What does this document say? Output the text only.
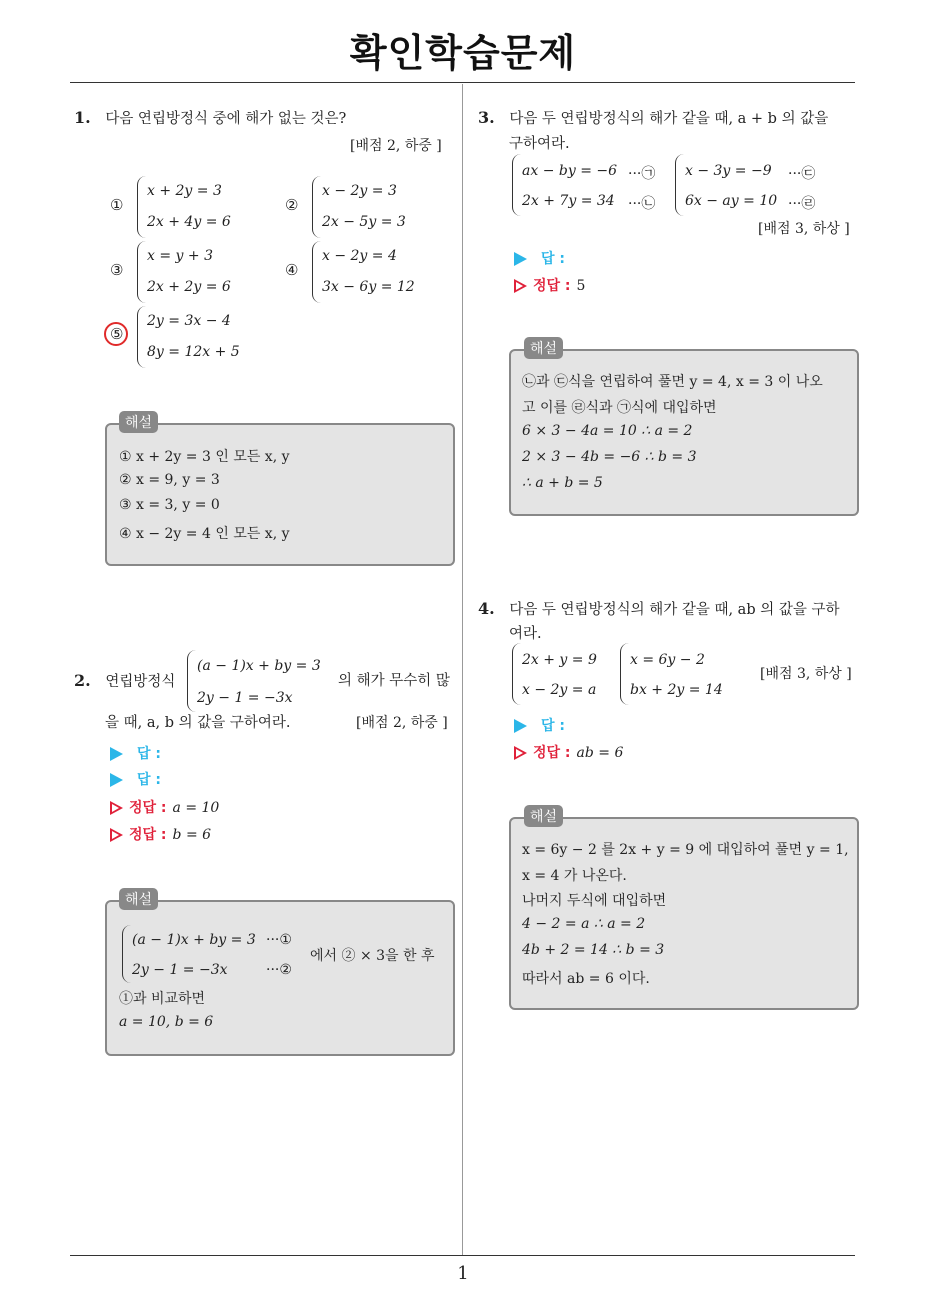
확인학습문제
1. 다음 연립방정식 중에 해가 없는 것은?
[배점 2, 하중 ]
①
x + 2y = 3
2x + 4y = 6
②
x − 2y = 3
2x − 5y = 3
③
x = y + 3
2x + 2y = 6
④
x − 2y = 4
3x − 6y = 12
⑤
2y = 3x − 4
8y = 12x + 5
해설
① x + 2y = 3 인 모든 x, y
② x = 9, y = 3
③ x = 3, y = 0
④ x − 2y = 4 인 모든 x, y
2. 연립방정식
(a − 1)x + by = 3
2y − 1 = −3x
의 해가 무수히 많
을 때, a, b 의 값을 구하여라.	[배점 2, 하중 ]
답 :
답 :
정답 : a = 10
정답 : b = 6
해설
(a − 1)x + by = 3 ···①
2y − 1 = −3x	···②
에서 ② × 3을 한 후
①과 비교하면
a = 10, b = 6
3. 다음 두 연립방정식의 해가 같을 때, a + b 의 값을
구하여라.
ax − by = −6 ···㉠
2x + 7y = 34 ···㉡
x − 3y = −9 ···㉢
6x − ay = 10 ···㉣
[배점 3, 하상 ]
답 :
정답 : 5
해설
㉡과 ㉢식을 연립하여 풀면 y = 4, x = 3 이 나오
고 이를 ㉣식과 ㉠식에 대입하면
6 × 3 − 4a = 10 ∴ a = 2
2 × 3 − 4b = −6 ∴ b = 3
∴ a + b = 5
4. 다음 두 연립방정식의 해가 같을 때, ab 의 값을 구하
여라.
2x + y = 9
x − 2y = a
x = 6y − 2
bx + 2y = 14
[배점 3, 하상 ]
답 :
정답 : ab = 6
해설
x = 6y − 2 를 2x + y = 9 에 대입하여 풀면 y = 1,
x = 4 가 나온다.
나머지 두식에 대입하면
4 − 2 = a ∴ a = 2
4b + 2 = 14 ∴ b = 3
따라서 ab = 6 이다.
1
